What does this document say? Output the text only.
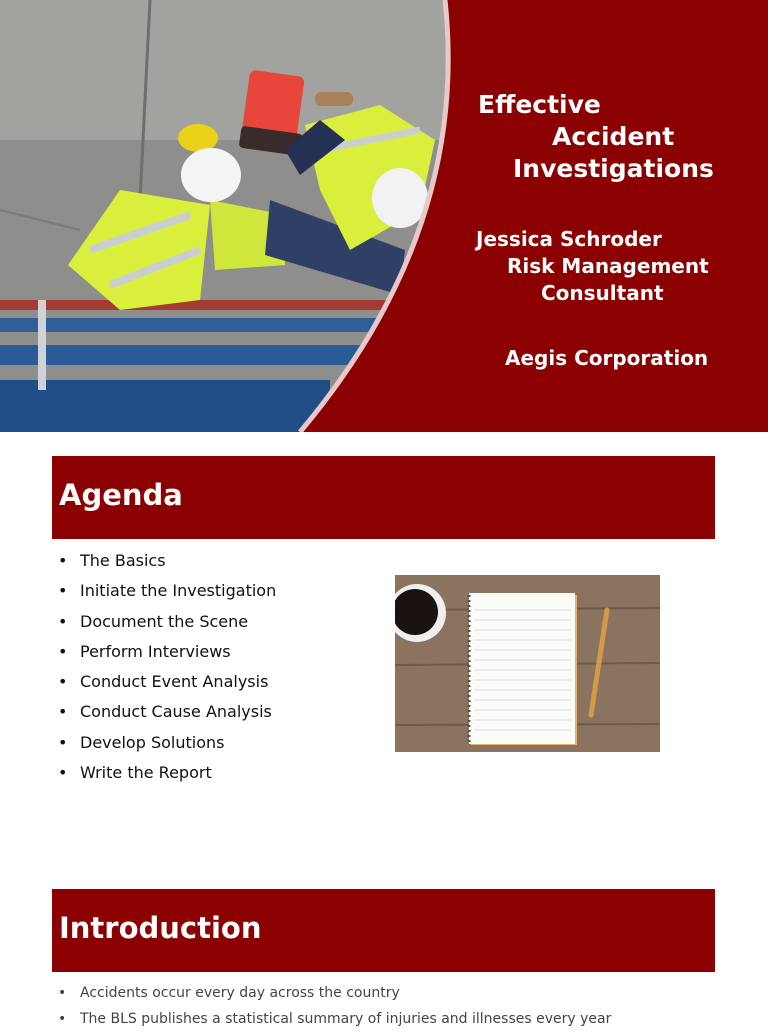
Effective
Accident
Investigations
Jessica Schroder
Risk Management
Consultant
Aegis Corporation
Agenda
• The Basics
• Initiate the Investigation
• Document the Scene
• Perform Interviews
• Conduct Event Analysis
• Conduct Cause Analysis
• Develop Solutions
• Write the Report
Introduction
• Accidents occur every day across the country
• The BLS publishes a statistical summary of injuries and illnesses every year
